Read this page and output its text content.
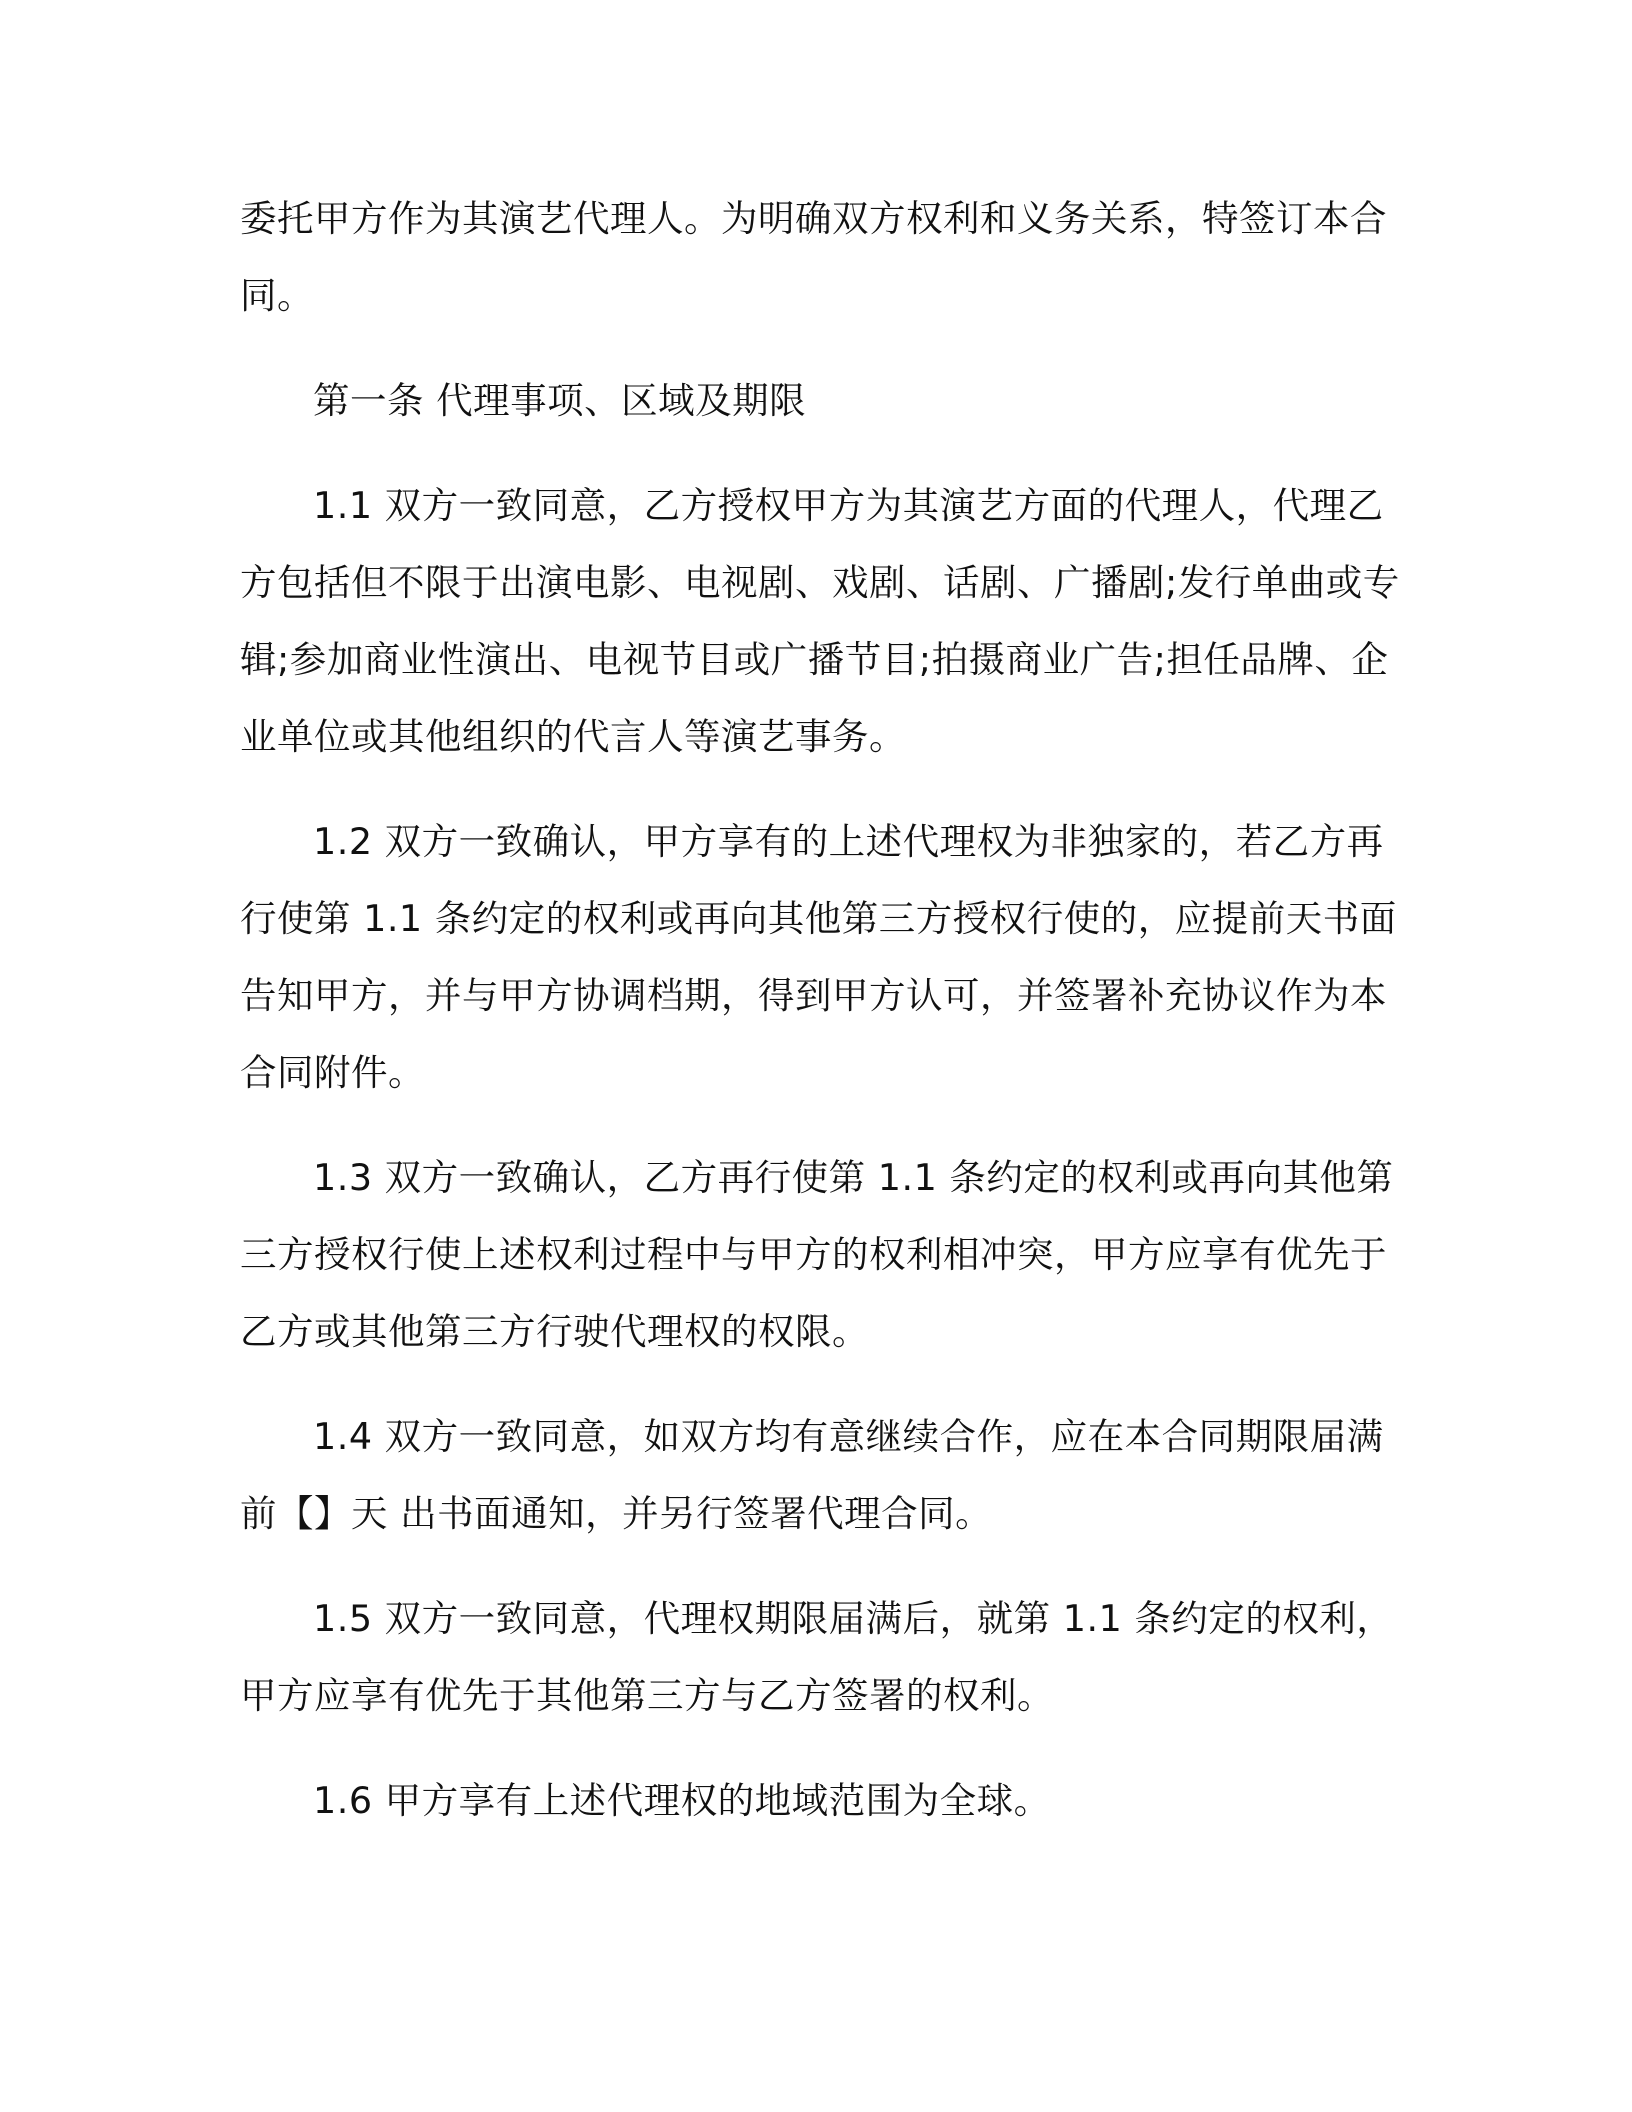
委托甲方作为其演艺代理人。为明确双方权利和义务关系，特签订本合同。

第一条 代理事项、区域及期限

1.1 双方一致同意，乙方授权甲方为其演艺方面的代理人，代理乙方包括但不限于出演电影、电视剧、戏剧、话剧、广播剧;发行单曲或专辑;参加商业性演出、电视节目或广播节目;拍摄商业广告;担任品牌、企业单位或其他组织的代言人等演艺事务。

1.2 双方一致确认，甲方享有的上述代理权为非独家的，若乙方再行使第 1.1 条约定的权利或再向其他第三方授权行使的，应提前天书面告知甲方，并与甲方协调档期，得到甲方认可，并签署补充协议作为本合同附件。

1.3 双方一致确认，乙方再行使第 1.1 条约定的权利或再向其他第三方授权行使上述权利过程中与甲方的权利相冲突，甲方应享有优先于乙方或其他第三方行驶代理权的权限。

1.4 双方一致同意，如双方均有意继续合作，应在本合同期限届满前【】天 出书面通知，并另行签署代理合同。

1.5 双方一致同意，代理权期限届满后，就第 1.1 条约定的权利，甲方应享有优先于其他第三方与乙方签署的权利。

1.6 甲方享有上述代理权的地域范围为全球。
